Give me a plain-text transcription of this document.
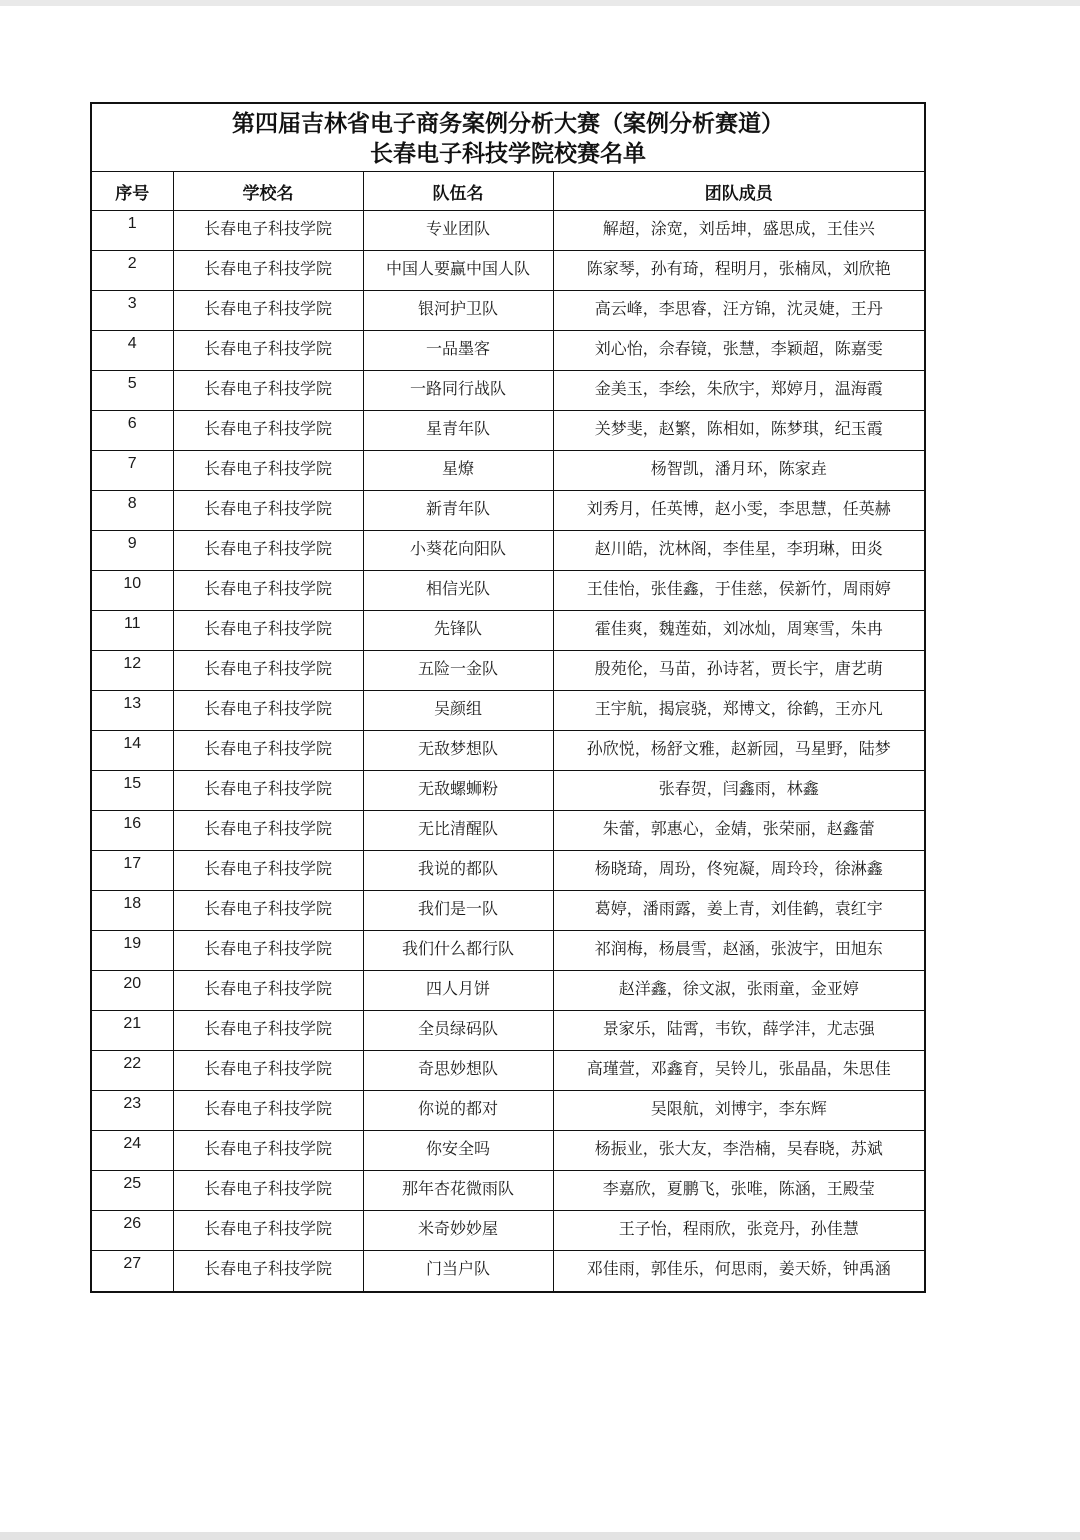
第四届吉林省电子商务案例分析大赛（案例分析赛道）
长春电子科技学院校赛名单
序号	学校名	队伍名	团队成员
1	长春电子科技学院	专业团队	解超，涂宽，刘岳坤，盛思成，王佳兴
2	长春电子科技学院	中国人要赢中国人队	陈家琴，孙有琦，程明月，张楠凤，刘欣艳
3	长春电子科技学院	银河护卫队	高云峰，李思睿，汪方锦，沈灵婕，王丹
4	长春电子科技学院	一品墨客	刘心怡，佘春镜，张慧，李颖超，陈嘉雯
5	长春电子科技学院	一路同行战队	金美玉，李绘，朱欣宇，郑婷月，温海霞
6	长春电子科技学院	星青年队	关梦斐，赵繁，陈相如，陈梦琪，纪玉霞
7	长春电子科技学院	星燎	杨智凯，潘月环，陈家垚
8	长春电子科技学院	新青年队	刘秀月，任英博，赵小雯，李思慧，任英赫
9	长春电子科技学院	小葵花向阳队	赵川皓，沈林阁，李佳星，李玥琳，田炎
10	长春电子科技学院	相信光队	王佳怡，张佳鑫，于佳慈，侯新竹，周雨婷
11	长春电子科技学院	先锋队	霍佳爽，魏莲茹，刘冰灿，周寒雪，朱冉
12	长春电子科技学院	五险一金队	殷苑伦，马苗，孙诗茗，贾长宇，唐艺萌
13	长春电子科技学院	吴颜组	王宇航，揭宸骁，郑博文，徐鹤，王亦凡
14	长春电子科技学院	无敌梦想队	孙欣悦，杨舒文雅，赵新园，马星野，陆梦
15	长春电子科技学院	无敌螺蛳粉	张春贺，闫鑫雨，林鑫
16	长春电子科技学院	无比清醒队	朱蕾，郭惠心，金婧，张荣丽，赵鑫蕾
17	长春电子科技学院	我说的都队	杨晓琦，周玢，佟宛凝，周玲玲，徐淋鑫
18	长春电子科技学院	我们是一队	葛婷，潘雨露，姜上青，刘佳鹤，袁红宇
19	长春电子科技学院	我们什么都行队	祁润梅，杨晨雪，赵涵，张波宇，田旭东
20	长春电子科技学院	四人月饼	赵洋鑫，徐文淑，张雨童，金亚婷
21	长春电子科技学院	全员绿码队	景家乐，陆霄，韦钦，薛学沣，尤志强
22	长春电子科技学院	奇思妙想队	高瑾萱，邓鑫育，吴铃儿，张晶晶，朱思佳
23	长春电子科技学院	你说的都对	吴限航，刘博宇，李东辉
24	长春电子科技学院	你安全吗	杨振业，张大友，李浩楠，吴春晓，苏斌
25	长春电子科技学院	那年杏花微雨队	李嘉欣，夏鹏飞，张唯，陈涵，王殿莹
26	长春电子科技学院	米奇妙妙屋	王子怡，程雨欣，张竞丹，孙佳慧
27	长春电子科技学院	门当户队	邓佳雨，郭佳乐，何思雨，姜天娇，钟禹涵
